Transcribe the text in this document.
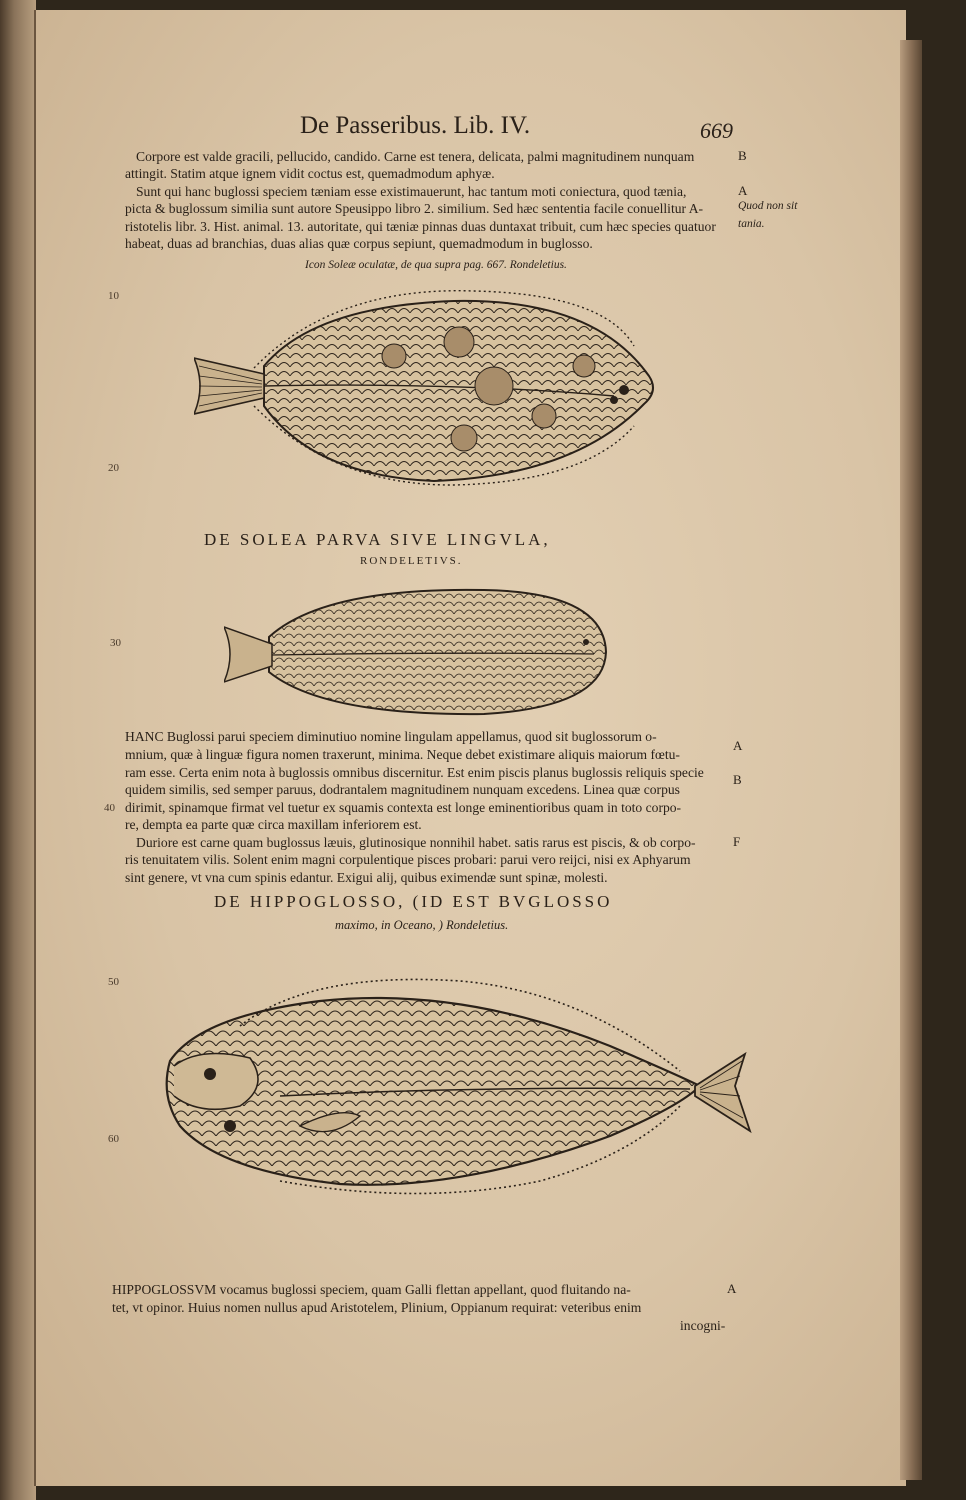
De Passeribus. Lib. IV.	669
Corpore est valde gracili, pellucido, candido. Carne est tenera, delicata, palmi magnitudinem nunquam
attingit. Statim atque ignem vidit coctus est, quemadmodum aphyæ.
Sunt qui hanc buglossi speciem tæniam esse existimauerunt, hac tantum moti coniectura, quod tænia,
picta & buglossum similia sunt autore Speusippo libro 2. similium. Sed hæc sententia facile conuellitur A-
ristotelis libr. 3. Hist. animal. 13. autoritate, qui tæniæ pinnas duas duntaxat tribuit, cum hæc species quatuor
habeat, duas ad branchias, duas alias quæ corpus sepiunt, quemadmodum in buglosso.
Icon Soleæ oculatæ, de qua supra pag. 667. Rondeletius.
B
A
Quod non sit
tania.
10
20
30
40
50
60
DE SOLEA PARVA SIVE LINGVLA,
RONDELETIVS.
HANC Buglossi parui speciem diminutiuo nomine lingulam appellamus, quod sit buglossorum o-
mnium, quæ à linguæ figura nomen traxerunt, minima. Neque debet existimare aliquis maiorum fœtu-
ram esse. Certa enim nota à buglossis omnibus discernitur. Est enim piscis planus buglossis reliquis specie
quidem similis, sed semper paruus, dodrantalem magnitudinem nunquam excedens. Linea quæ corpus
dirimit, spinamque firmat vel tuetur ex squamis contexta est longe eminentioribus quam in toto corpo-
re, dempta ea parte quæ circa maxillam inferiorem est.
Duriore est carne quam buglossus læuis, glutinosique nonnihil habet. satis rarus est piscis, & ob corpo-
ris tenuitatem vilis. Solent enim magni corpulentique pisces probari: parui vero reijci, nisi ex Aphyarum
sint genere, vt vna cum spinis edantur. Exigui alij, quibus eximendæ sunt spinæ, molesti.
A
B
F
DE HIPPOGLOSSO, (ID EST BVGLOSSO
maximo, in Oceano, ) Rondeletius.
HIPPOGLOSSVM vocamus buglossi speciem, quam Galli flettan appellant, quod fluitando na-
tet, vt opinor. Huius nomen nullus apud Aristotelem, Plinium, Oppianum requirat: veteribus enim
incogni-
A
